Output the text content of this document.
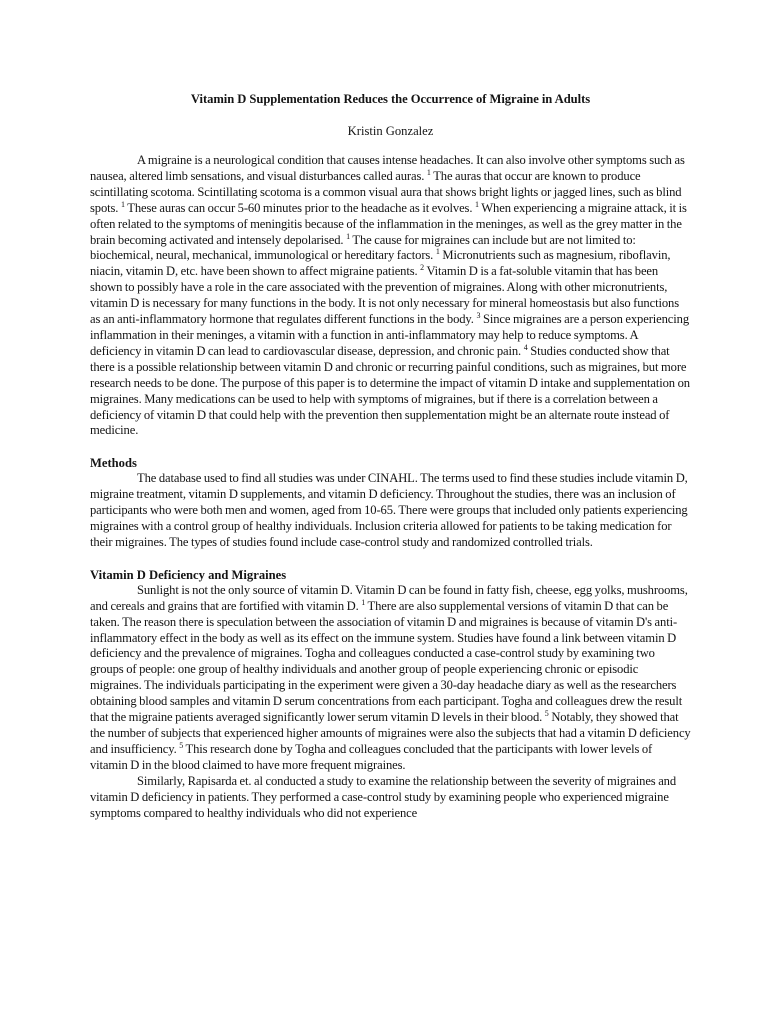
Vitamin D Supplementation Reduces the Occurrence of Migraine in Adults
Kristin Gonzalez

A migraine is a neurological condition that causes intense headaches. It can also involve other symptoms such as nausea, altered limb sensations, and visual disturbances called auras. $^1$ The auras that occur are known to produce scintillating scotoma. Scintillating scotoma is a common visual aura that shows bright lights or jagged lines, such as blind spots. $^1$ These auras can occur 5-60 minutes prior to the headache as it evolves. $^1$ When experiencing a migraine attack, it is often related to the symptoms of meningitis because of the inflammation in the meninges, as well as the grey matter in the brain becoming activated and intensely depolarised. $^1$ The cause for migraines can include but are not limited to: biochemical, neural, mechanical, immunological or hereditary factors. $^1$ Micronutrients such as magnesium, riboflavin, niacin, vitamin D, etc. have been shown to affect migraine patients. $^2$ Vitamin D is a fat-soluble vitamin that has been shown to possibly have a role in the care associated with the prevention of migraines. Along with other micronutrients, vitamin D is necessary for many functions in the body. It is not only necessary for mineral homeostasis but also functions as an anti-inflammatory hormone that regulates different functions in the body. $^3$ Since migraines are a person experiencing inflammation in their meninges, a vitamin with a function in anti-inflammatory may help to reduce symptoms. A deficiency in vitamin D can lead to cardiovascular disease, depression, and chronic pain. $^4$ Studies conducted show that there is a possible relationship between vitamin D and chronic or recurring painful conditions, such as migraines, but more research needs to be done. The purpose of this paper is to determine the impact of vitamin D intake and supplementation on migraines. Many medications can be used to help with symptoms of migraines, but if there is a correlation between a deficiency of vitamin D that could help with the prevention then supplementation might be an alternate route instead of medicine.

Methods

The database used to find all studies was under CINAHL. The terms used to find these studies include vitamin D, migraine treatment, vitamin D supplements, and vitamin D deficiency. Throughout the studies, there was an inclusion of participants who were both men and women, aged from 10-65. There were groups that included only patients experiencing migraines with a control group of healthy individuals. Inclusion criteria allowed for patients to be taking medication for their migraines. The types of studies found include case-control study and randomized controlled trials.

Vitamin D Deficiency and Migraines

Sunlight is not the only source of vitamin D. Vitamin D can be found in fatty fish, cheese, egg yolks, mushrooms, and cereals and grains that are fortified with vitamin D. $^1$ There are also supplemental versions of vitamin D that can be taken. The reason there is speculation between the association of vitamin D and migraines is because of vitamin D's anti-inflammatory effect in the body as well as its effect on the immune system. Studies have found a link between vitamin D deficiency and the prevalence of migraines. Togha and colleagues conducted a case-control study by examining two groups of people: one group of healthy individuals and another group of people experiencing chronic or episodic migraines. The individuals participating in the experiment were given a 30-day headache diary as well as the researchers obtaining blood samples and vitamin D serum concentrations from each participant. Togha and colleagues drew the result that the migraine patients averaged significantly lower serum vitamin D levels in their blood. $^5$ Notably, they showed that the number of subjects that experienced higher amounts of migraines were also the subjects that had a vitamin D deficiency and insufficiency. $^5$ This research done by Togha and colleagues concluded that the participants with lower levels of vitamin D in the blood claimed to have more frequent migraines.

Similarly, Rapisarda et. al conducted a study to examine the relationship between the severity of migraines and vitamin D deficiency in patients. They performed a case-control study by examining people who experienced migraine symptoms compared to healthy individuals who did not experience
